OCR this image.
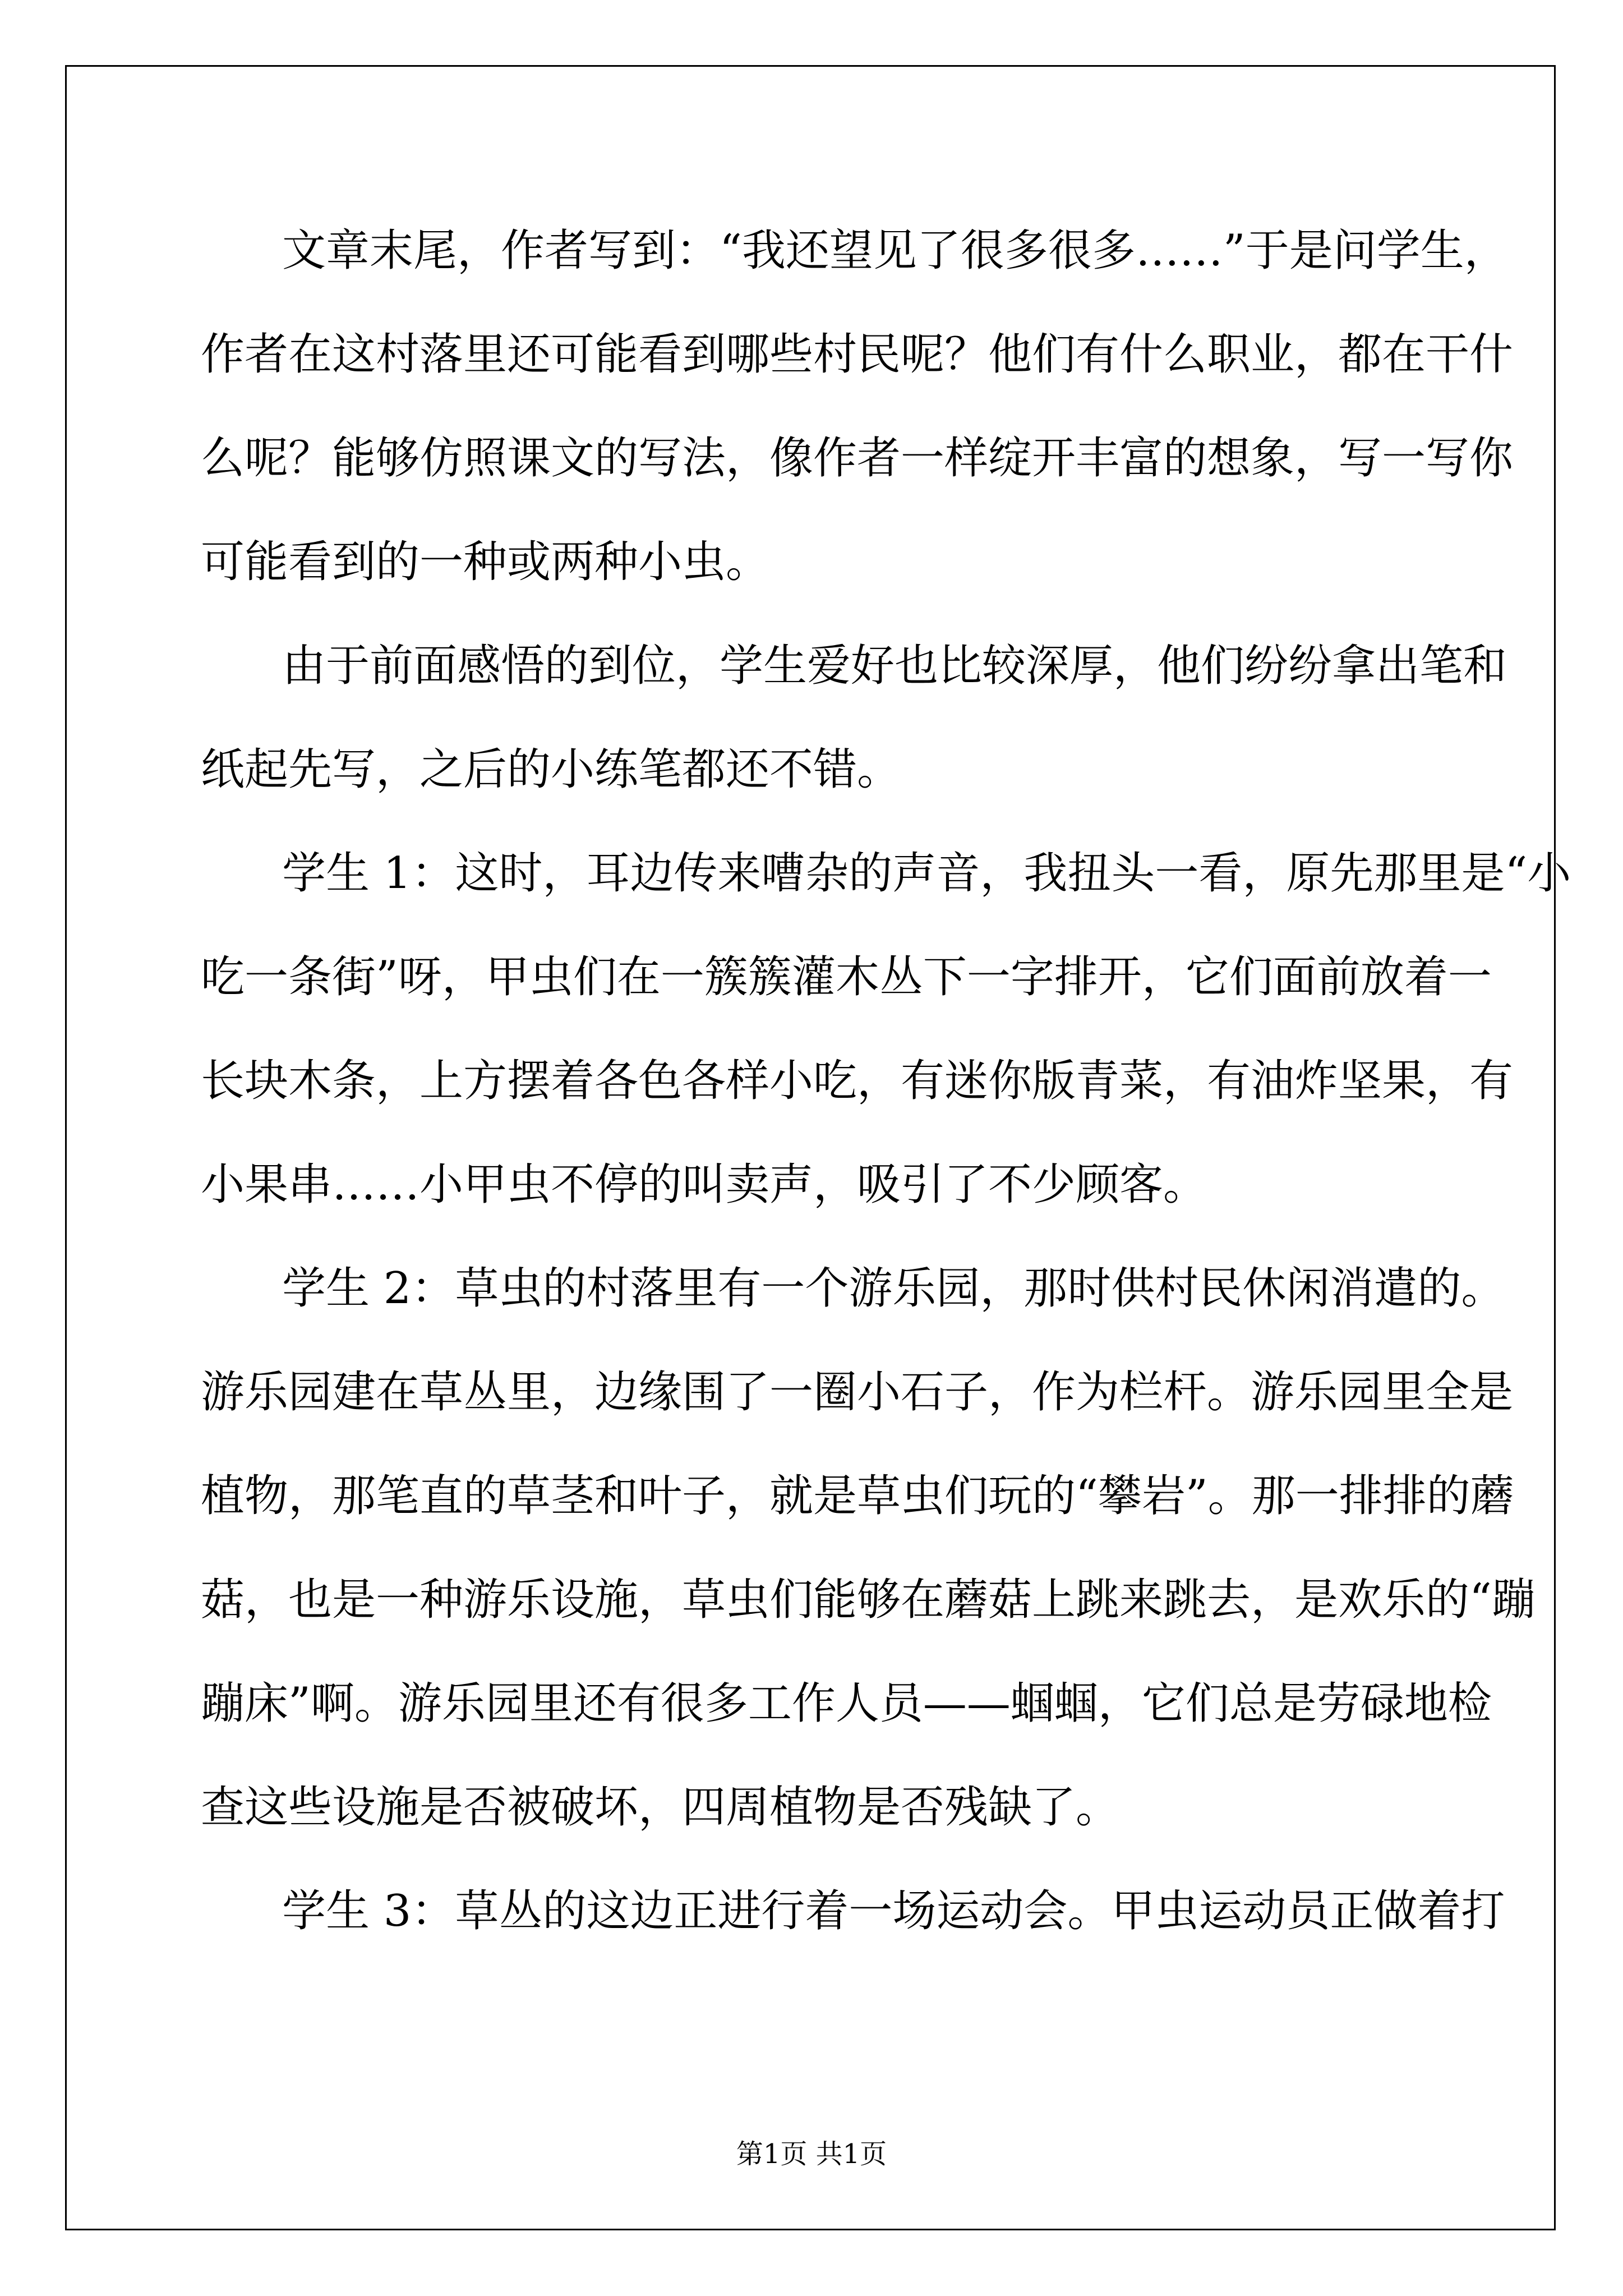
文章末尾，作者写到：“我还望见了很多很多……”于是问学生，
作者在这村落里还可能看到哪些村民呢？他们有什么职业，都在干什
么呢？能够仿照课文的写法，像作者一样绽开丰富的想象，写一写你
可能看到的一种或两种小虫。
由于前面感悟的到位，学生爱好也比较深厚，他们纷纷拿出笔和
纸起先写，之后的小练笔都还不错。
学生 1：这时，耳边传来嘈杂的声音，我扭头一看，原先那里是“小
吃一条街”呀，甲虫们在一簇簇灌木丛下一字排开，它们面前放着一
长块木条，上方摆着各色各样小吃，有迷你版青菜，有油炸坚果，有
小果串……小甲虫不停的叫卖声，吸引了不少顾客。
学生 2：草虫的村落里有一个游乐园，那时供村民休闲消遣的。
游乐园建在草丛里，边缘围了一圈小石子，作为栏杆。游乐园里全是
植物，那笔直的草茎和叶子，就是草虫们玩的“攀岩”。那一排排的蘑
菇，也是一种游乐设施，草虫们能够在蘑菇上跳来跳去，是欢乐的“蹦
蹦床”啊。游乐园里还有很多工作人员——蝈蝈，它们总是劳碌地检
查这些设施是否被破坏，四周植物是否残缺了。
学生 3：草丛的这边正进行着一场运动会。甲虫运动员正做着打
第1页 共1页
